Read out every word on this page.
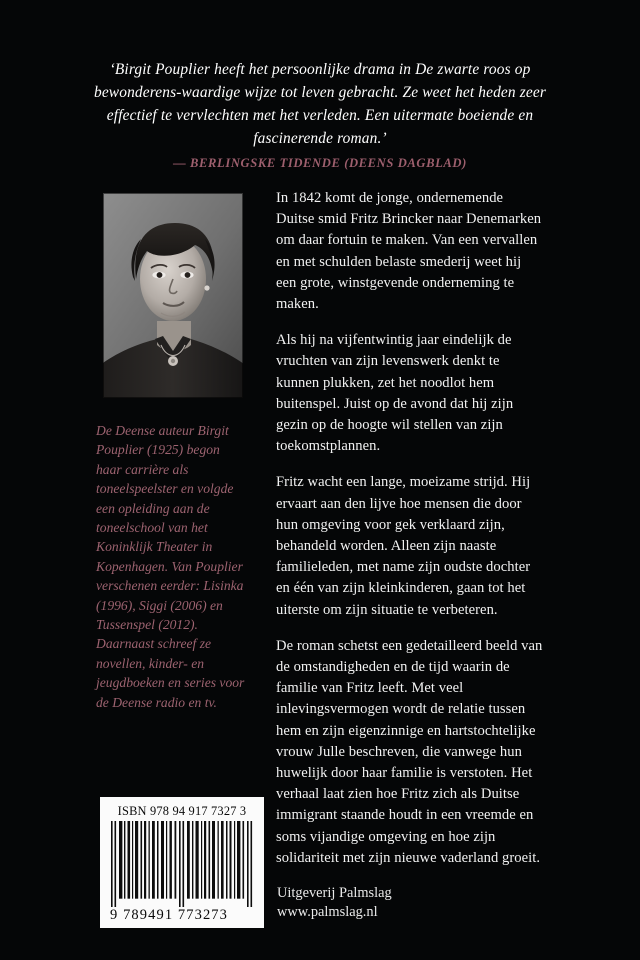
‘Birgit Pouplier heeft het persoonlijke drama in De zwarte roos op bewonderens-waardige wijze tot leven gebracht. Ze weet het heden zeer effectief te vervlechten met het verleden. Een uitermate boeiende en fascinerende roman.’

— BERLINGSKE TIDENDE (DEENS DAGBLAD)

De Deense auteur Birgit Pouplier (1925) begon haar carrière als toneelspeelster en volgde een opleiding aan de toneelschool van het Koninklijk Theater in Kopenhagen. Van Pouplier verschenen eerder: Lisinka (1996), Siggi (2006) en Tussenspel (2012). Daarnaast schreef ze novellen, kinder- en jeugdboeken en series voor de Deense radio en tv.

ISBN 978 94 917 7327 3
9 789491 773273

In 1842 komt de jonge, ondernemende Duitse smid Fritz Brincker naar Denemarken om daar fortuin te maken. Van een vervallen en met schulden belaste smederij weet hij een grote, winstgevende onderneming te maken.

Als hij na vijfentwintig jaar eindelijk de vruchten van zijn levenswerk denkt te kunnen plukken, zet het noodlot hem buitenspel. Juist op de avond dat hij zijn gezin op de hoogte wil stellen van zijn toekomstplannen.

Fritz wacht een lange, moeizame strijd. Hij ervaart aan den lijve hoe mensen die door hun omgeving voor gek verklaard zijn, behandeld worden. Alleen zijn naaste familieleden, met name zijn oudste dochter en één van zijn kleinkinderen, gaan tot het uiterste om zijn situatie te verbeteren.

De roman schetst een gedetailleerd beeld van de omstandigheden en de tijd waarin de familie van Fritz leeft. Met veel inlevingsvermogen wordt de relatie tussen hem en zijn eigenzinnige en hartstochtelijke vrouw Julle beschreven, die vanwege hun huwelijk door haar familie is verstoten. Het verhaal laat zien hoe Fritz zich als Duitse immigrant staande houdt in een vreemde en soms vijandige omgeving en hoe zijn solidariteit met zijn nieuwe vaderland groeit.

Uitgeverij Palmslag
www.palmslag.nl
